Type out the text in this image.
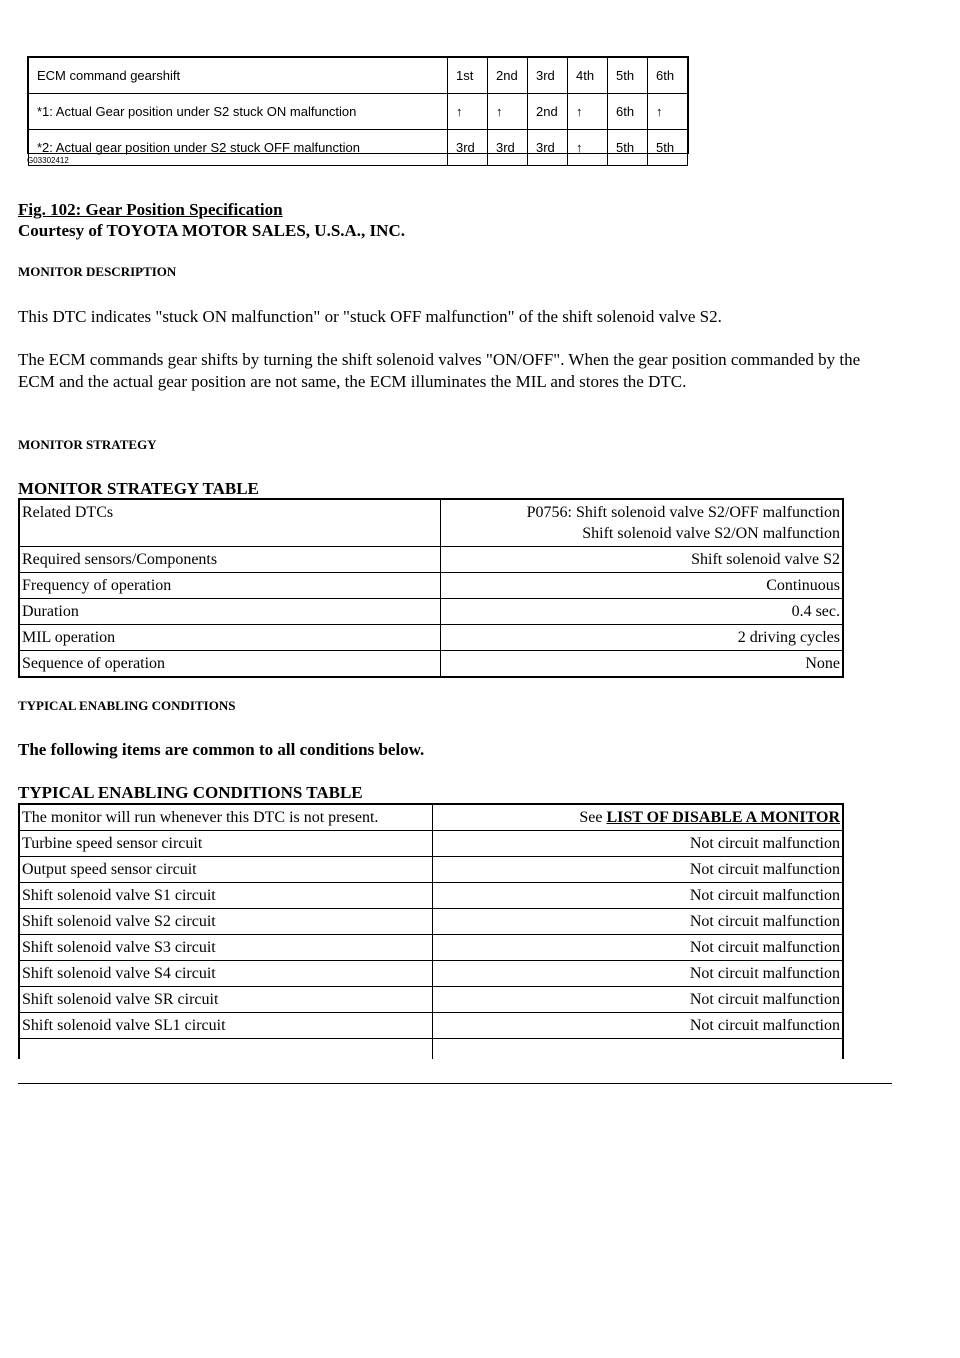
ECM command gearshift	1st	2nd	3rd	4th	5th	6th
*1: Actual Gear position under S2 stuck ON malfunction	↑	↑	2nd	↑	6th	↑
*2: Actual gear position under S2 stuck OFF malfunction	3rd	3rd	3rd	↑	5th	5th
G03302412
Fig. 102: Gear Position Specification
Courtesy of TOYOTA MOTOR SALES, U.S.A., INC.
MONITOR DESCRIPTION
This DTC indicates "stuck ON malfunction" or "stuck OFF malfunction" of the shift solenoid valve S2.
The ECM commands gear shifts by turning the shift solenoid valves "ON/OFF". When the gear position commanded by the ECM and the actual gear position are not same, the ECM illuminates the MIL and stores the DTC.
MONITOR STRATEGY
MONITOR STRATEGY TABLE
Related DTCs	P0756: Shift solenoid valve S2/OFF malfunction
Shift solenoid valve S2/ON malfunction

Required sensors/Components	Shift solenoid valve S2
Frequency of operation	Continuous
Duration	0.4 sec.
MIL operation	2 driving cycles
Sequence of operation	None
TYPICAL ENABLING CONDITIONS
The following items are common to all conditions below.
TYPICAL ENABLING CONDITIONS TABLE
The monitor will run whenever this DTC is not present.	See LIST OF DISABLE A MONITOR
Turbine speed sensor circuit	Not circuit malfunction
Output speed sensor circuit	Not circuit malfunction
Shift solenoid valve S1 circuit	Not circuit malfunction
Shift solenoid valve S2 circuit	Not circuit malfunction
Shift solenoid valve S3 circuit	Not circuit malfunction
Shift solenoid valve S4 circuit	Not circuit malfunction
Shift solenoid valve SR circuit	Not circuit malfunction
Shift solenoid valve SL1 circuit	Not circuit malfunction
